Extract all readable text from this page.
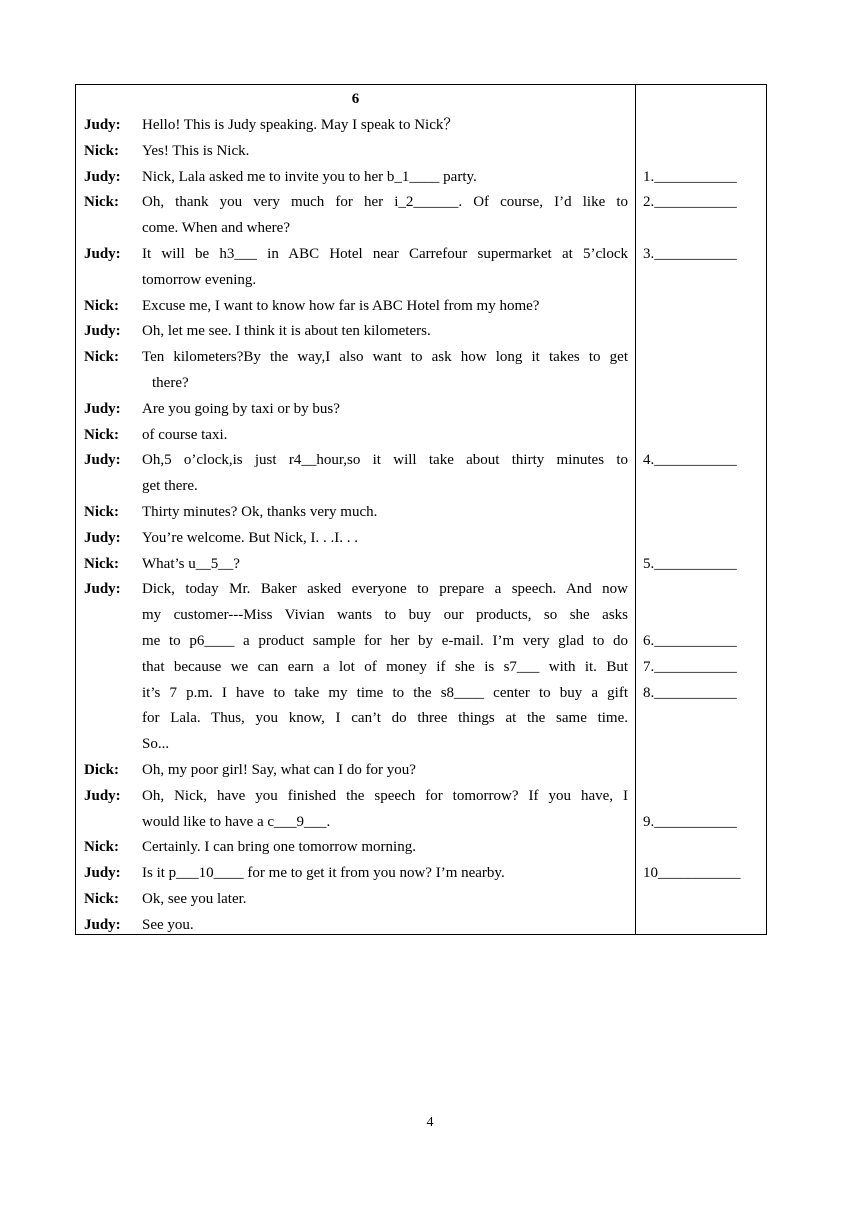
6
Judy:	Hello! This is Judy speaking. May I speak to Nick？
Nick:	Yes! This is Nick.
Judy:	Nick, Lala asked me to invite you to her b_1____ party.
Nick:	Oh, thank you very much for her i_2______. Of course, I’d like to
come. When and where?
Judy:	It will be h3___ in ABC Hotel near Carrefour supermarket at 5’clock
tomorrow evening.
Nick:	Excuse me, I want to know how far is ABC Hotel from my home?
Judy:	Oh, let me see. I think it is about ten kilometers.
Nick:	Ten kilometers?By the way,I also want to ask how long it takes to get
there?
Judy:	Are you going by taxi or by bus?
Nick:	of course taxi.
Judy:	Oh,5 o’clock,is just r4__hour,so it will take about thirty minutes to
get there.
Nick:	Thirty minutes? Ok, thanks very much.
Judy:	You’re welcome. But Nick, I. . .I. . .
Nick:	What’s u__5__?
Judy:	Dick, today Mr. Baker asked everyone to prepare a speech. And now
my customer---Miss Vivian wants to buy our products, so she asks
me to p6____ a product sample for her by e-mail. I’m very glad to do
that because we can earn a lot of money if she is s7___ with it. But
it’s 7 p.m. I have to take my time to the s8____ center to buy a gift
for Lala. Thus, you know, I can’t do three things at the same time.
So...
Dick:	Oh, my poor girl! Say, what can I do for you?
Judy:	Oh, Nick, have you finished the speech for tomorrow? If you have, I
would like to have a c___9___.
Nick:	Certainly. I can bring one tomorrow morning.
Judy:	Is it p___10____ for me to get it from you now? I’m nearby.
Nick:	Ok, see you later.
Judy:	See you.
1.___________
2.___________
3.___________
4.___________
5.___________
6.___________
7.___________
8.___________
9.___________
10___________
4
